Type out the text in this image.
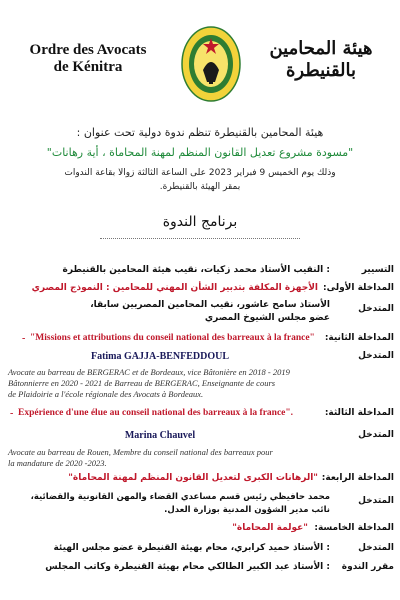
Ordre des Avocats
de Kénitra
هيئة المحامين
بالقنيطرة
هيئة المحامين بالقنيطرة تنظم ندوة دولية تحت عنوان :
"مسودة مشروع تعديل القانون المنظم لمهنة المحاماة ، أية رهانات"
وذلك يوم الخميس 9 فبراير 2023 على الساعة الثالثة زوالا بقاعة الندوات
بمقر الهيئة بالقنيطرة.
برنامج الندوة
التسيير
: النقيب الأستاذ محمد زكيات، نقيب هيئة المحامين بالقنيطرة
المداخلة الأولى:
الأجهزة المكلفة بتدبير الشأن المهني للمحامين : النموذج المصري
المتدخل
الأستاذ سامح عاشور، نقيب المحامين المصريين سابقا،
عضو مجلس الشيوخ المصري
المداخلة الثانية:
- "Missions et attributions du conseil national des barreaux à la france"
المتدخل
Fatima GAJJA-BENFEDDOUL
Avocate au barreau de BERGERAC et de Bordeaux, vice Bâtonière en 2018 - 2019
Bâtonnierre en 2020 - 2021 de Barreau de BERGERAC, Enseignante de cours
de Plaidoirie a l'école régionale des Avocats à Bordeaux.
المداخلة الثالثة:
- Expérience d'une élue au conseil national des barreaux à la france".
المتدخل
Marina Chauvel
Avocate au barreau de Rouen, Membre du conseil national des barreaux pour
la mandature de 2020 -2023.
المداخلة الرابعة:
"الرهانات الكبرى لتعديل القانون المنظم لمهنة المحاماة"
المتدخل
محمد حافيظي رئيس قسم مساعدي القضاء والمهن القانونية والقضائية،
نائب مدير الشؤون المدنية بوزارة العدل.
المداخلة الخامسة:
"عولمة المحاماة"
المتدخل
: الأستاذ حميد كرابري، محام بهيئة القنيطرة عضو مجلس الهيئة
مقرر الندوة
: الأستاذ عبد الكبير الطالكي محام بهيئة القنيطرة وكاتب المجلس
